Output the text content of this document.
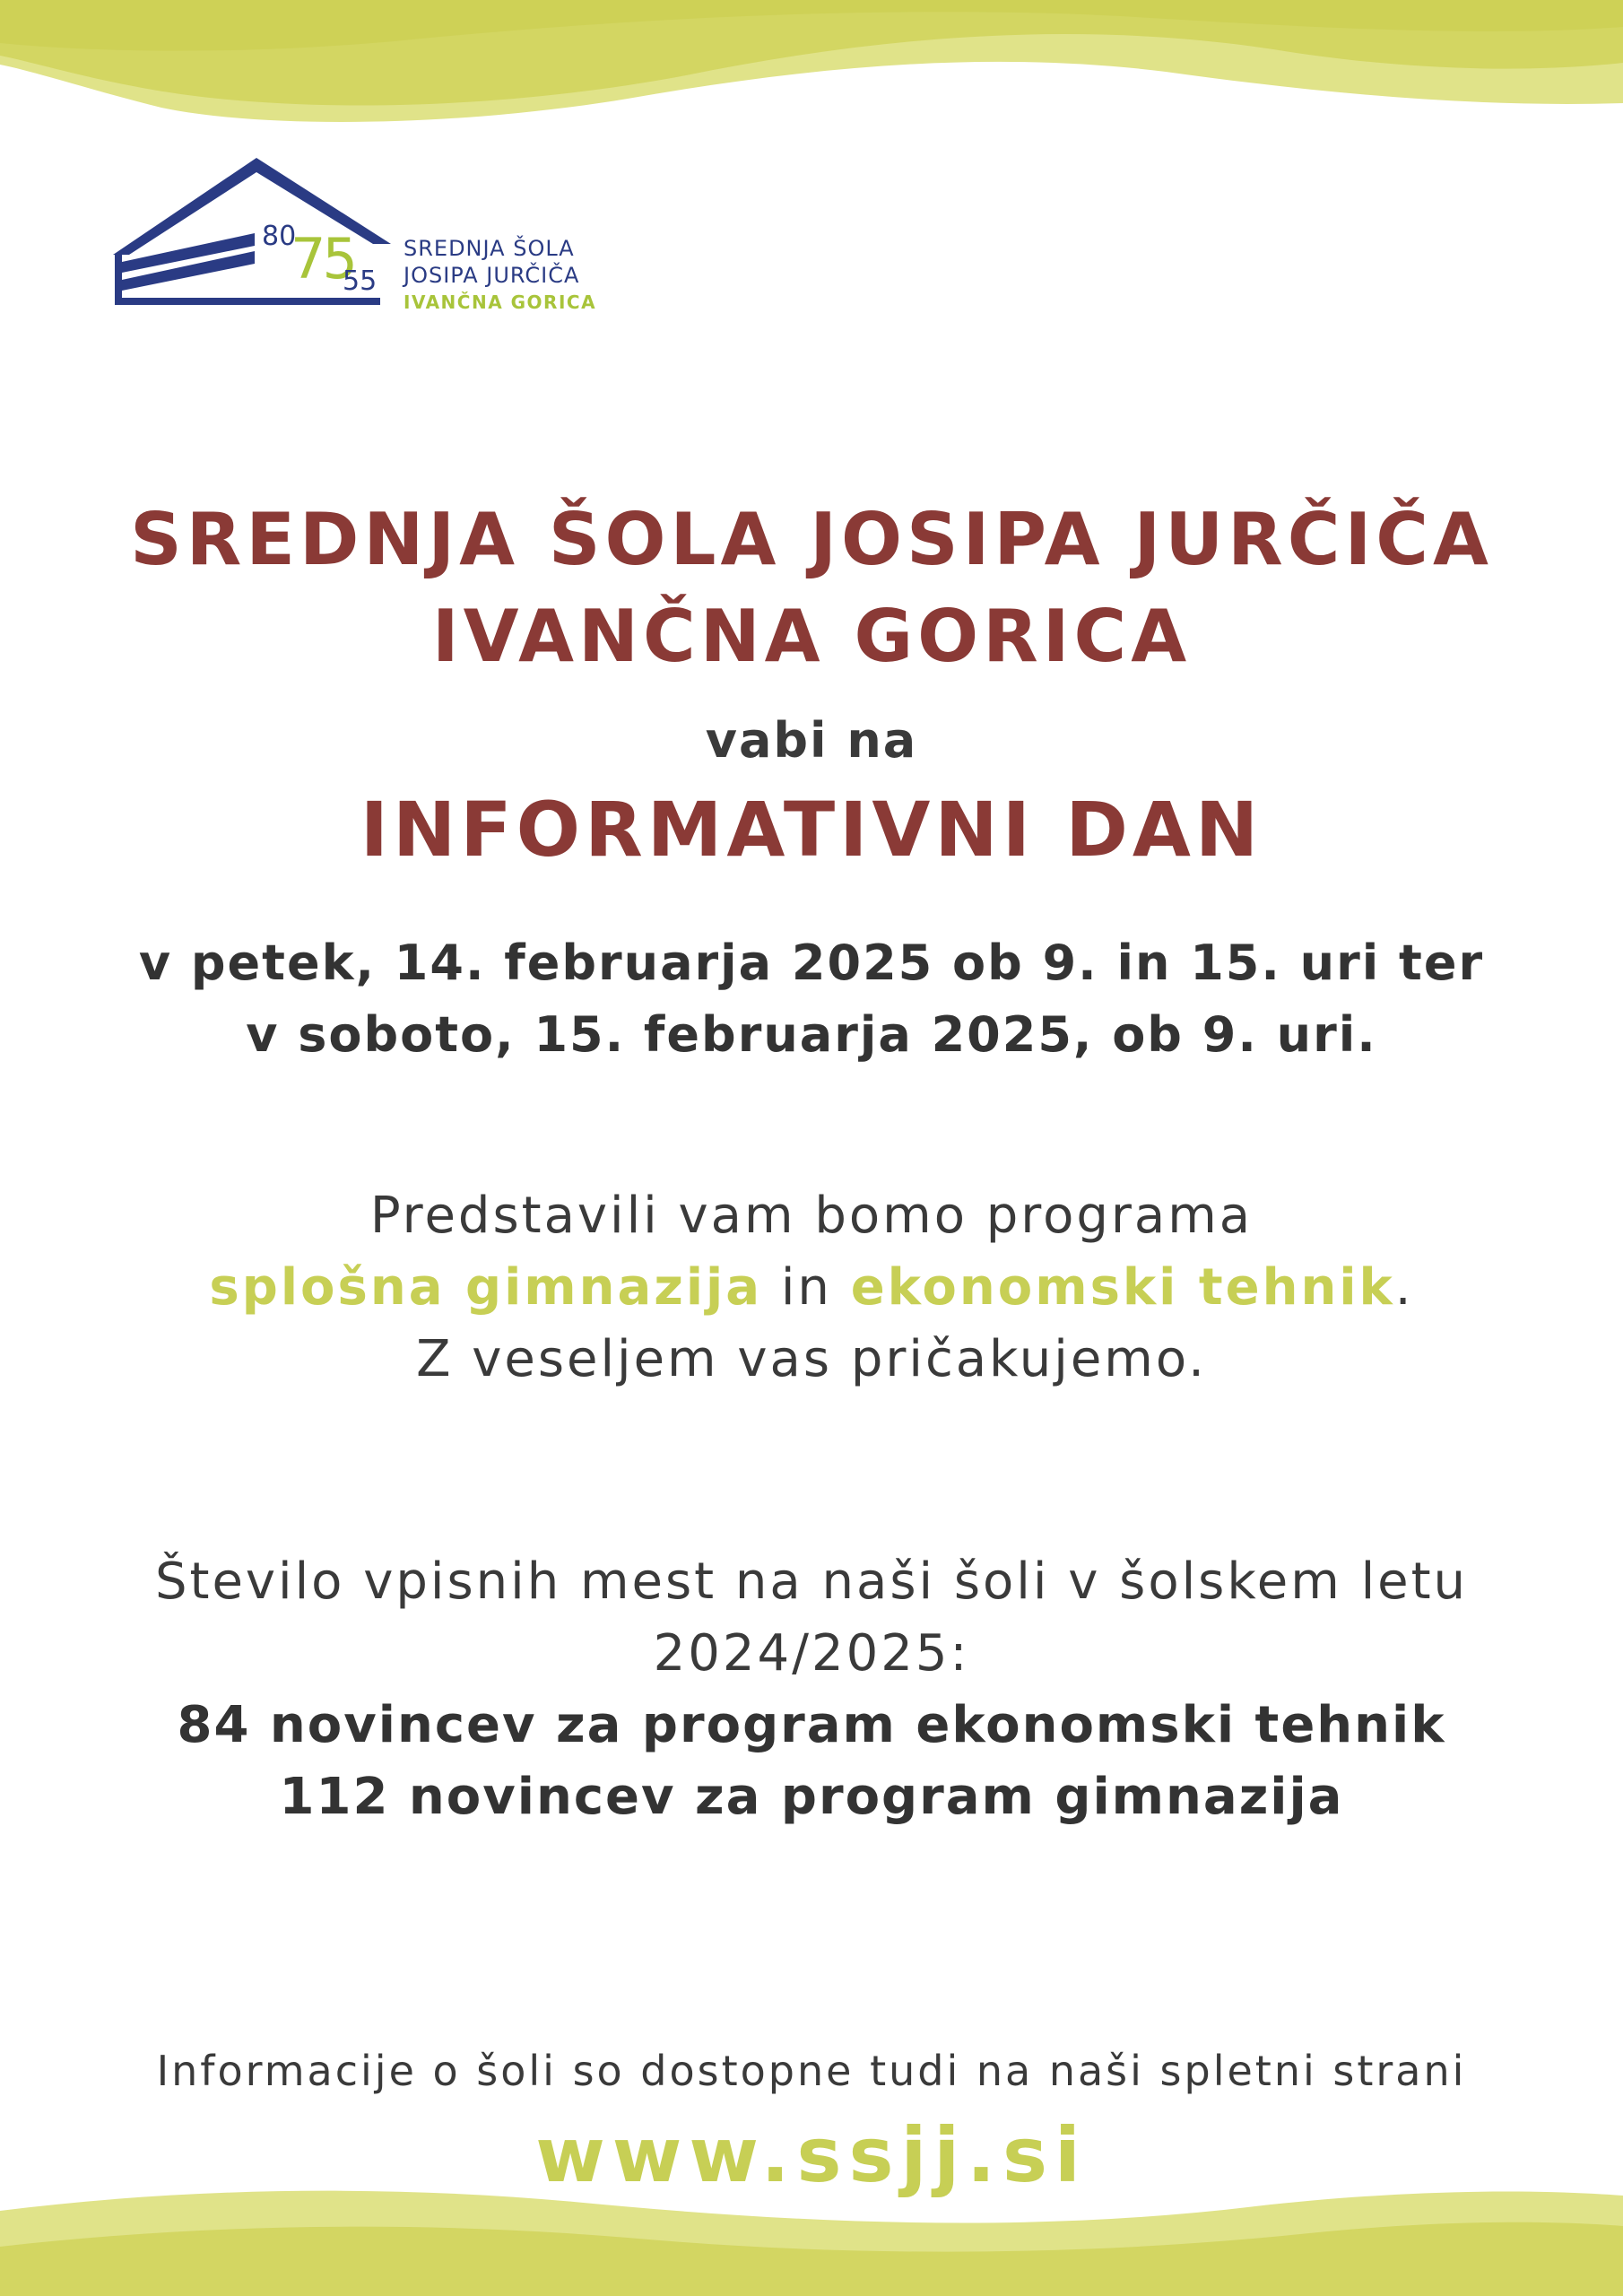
80
75
55
SREDNJA ŠOLA
JOSIPA JURČIČA
IVANČNA GORICA
SREDNJA ŠOLA JOSIPA JURČIČA
IVANČNA GORICA
vabi na
INFORMATIVNI DAN
v petek, 14. februarja 2025 ob 9. in 15. uri ter
v soboto, 15. februarja 2025, ob 9. uri.
Predstavili vam bomo programa
splošna gimnazija in ekonomski tehnik.
Z veseljem vas pričakujemo.
Število vpisnih mest na naši šoli v šolskem letu
2024/2025:
84 novincev za program ekonomski tehnik
112 novincev za program gimnazija
Informacije o šoli so dostopne tudi na naši spletni strani
www.ssjj.si
